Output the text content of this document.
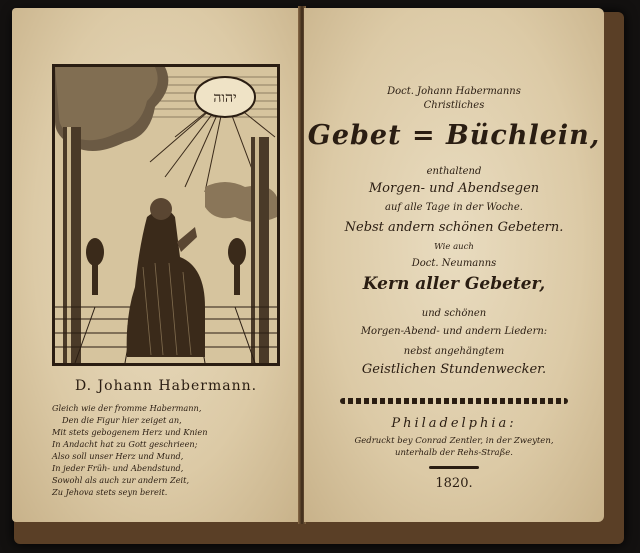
יהוה
D. Johann Habermann.
Gleich wie der fromme Habermann,
Den die Figur hier zeiget an,
Mit stets gebogenem Herz und Knien
In Andacht hat zu Gott geschrieen;
Also soll unser Herz und Mund,
In jeder Früh- und Abendstund,
Sowohl als auch zur andern Zeit,
Zu Jehova stets seyn bereit.
Doct. Johann Habermanns
Christliches
Gebet = Büchlein,
enthaltend
Morgen- und Abendsegen
auf alle Tage in der Woche.
Nebst andern schönen Gebetern.
Wie auch
Doct. Neumanns
Kern aller Gebeter,
und schönen
Morgen-Abend- und andern Liedern:
nebst angehängtem
Geistlichen Stundenwecker.
Philadelphia:
Gedruckt bey Conrad Zentler, in der Zweyten,
unterhalb der Rehs-Straße.
1820.
